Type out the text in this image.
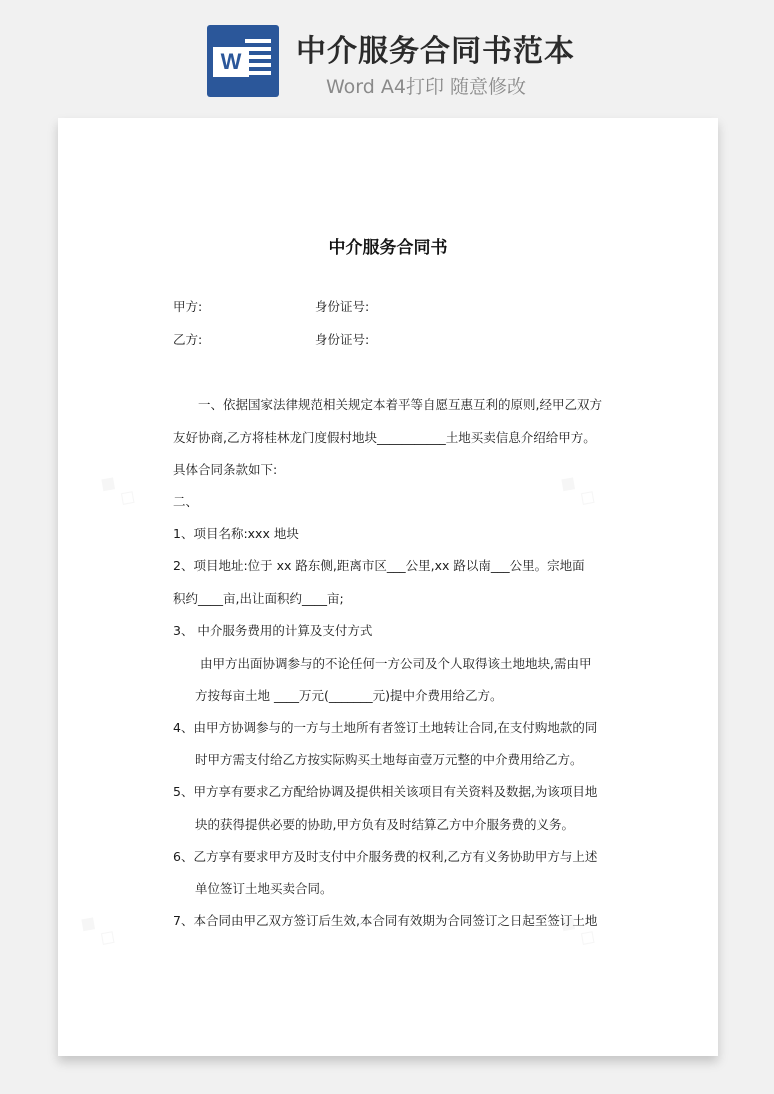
W 中介服务合同书范本
Word A4打印 随意修改
中介服务合同书
甲方:	身份证号:
乙方:	身份证号:
一、依据国家法律规范相关规定本着平等自愿互惠互利的原则,经甲乙双方
友好协商,乙方将桂林龙门度假村地块___________土地买卖信息介绍给甲方。
具体合同条款如下:
二、
1、项目名称:xxx 地块
2、项目地址:位于 xx 路东侧,距离市区___公里,xx 路以南___公里。宗地面
积约____亩,出让面积约____亩;
3、 中介服务费用的计算及支付方式
由甲方出面协调参与的不论任何一方公司及个人取得该土地地块,需由甲
方按每亩土地 ____万元(_______元)提中介费用给乙方。
4、由甲方协调参与的一方与土地所有者签订土地转让合同,在支付购地款的同
时甲方需支付给乙方按实际购买土地每亩壹万元整的中介费用给乙方。
5、甲方享有要求乙方配给协调及提供相关该项目有关资料及数据,为该项目地
块的获得提供必要的协助,甲方负有及时结算乙方中介服务费的义务。
6、乙方享有要求甲方及时支付中介服务费的权利,乙方有义务协助甲方与上述
单位签订土地买卖合同。
7、本合同由甲乙双方签订后生效,本合同有效期为合同签订之日起至签订土地
